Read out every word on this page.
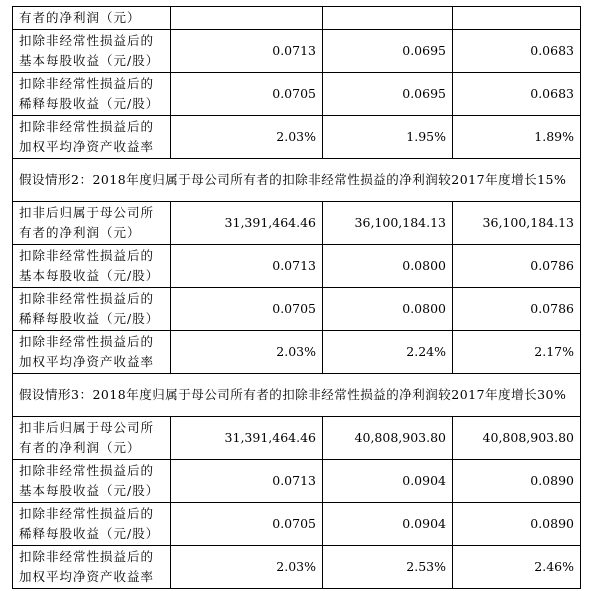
有者的净利润（元）			
扣除非经常性损益后的基本每股收益（元/股）	0.0713	0.0695	0.0683
扣除非经常性损益后的稀释每股收益（元/股）	0.0705	0.0695	0.0683
扣除非经常性损益后的加权平均净资产收益率	2.03%	1.95%	1.89%
假设情形2：2018年度归属于母公司所有者的扣除非经常性损益的净利润较2017年度增长15%			
扣非后归属于母公司所有者的净利润（元）	31,391,464.46	36,100,184.13	36,100,184.13
扣除非经常性损益后的基本每股收益（元/股）	0.0713	0.0800	0.0786
扣除非经常性损益后的稀释每股收益（元/股）	0.0705	0.0800	0.0786
扣除非经常性损益后的加权平均净资产收益率	2.03%	2.24%	2.17%
假设情形3：2018年度归属于母公司所有者的扣除非经常性损益的净利润较2017年度增长30%			
扣非后归属于母公司所有者的净利润（元）	31,391,464.46	40,808,903.80	40,808,903.80
扣除非经常性损益后的基本每股收益（元/股）	0.0713	0.0904	0.0890
扣除非经常性损益后的稀释每股收益（元/股）	0.0705	0.0904	0.0890
扣除非经常性损益后的加权平均净资产收益率	2.03%	2.53%	2.46%
